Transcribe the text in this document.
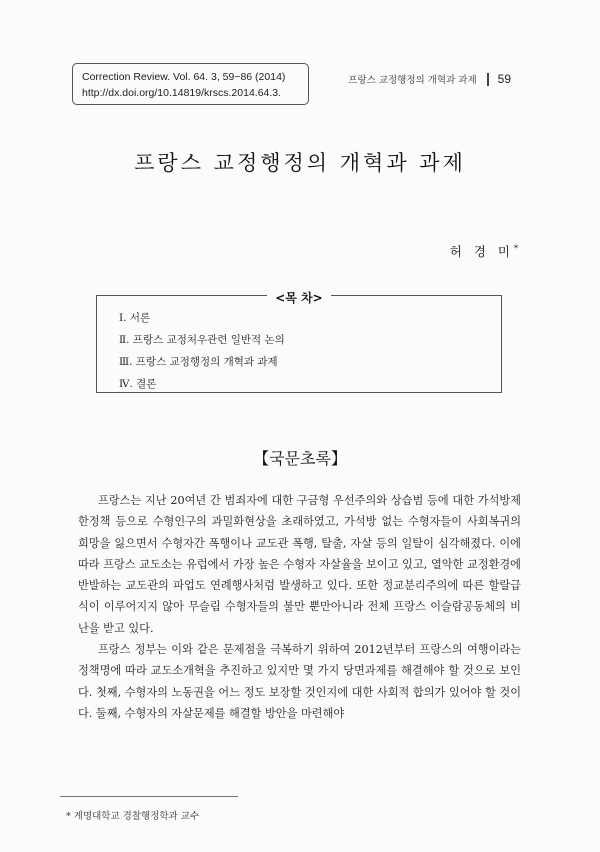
Correction Review. Vol. 64. 3, 59~86 (2014)
http://dx.doi.org/10.14819/krscs.2014.64.3.
프랑스 교정행정의 개혁과 과제 59
프랑스 교정행정의 개혁과 과제
허 경 미*
<목 차>
Ⅰ. 서론
Ⅱ. 프랑스 교정처우관련 일반적 논의
Ⅲ. 프랑스 교정행정의 개혁과 과제
Ⅳ. 결론
【국문초록】

프랑스는 지난 20여년 간 범죄자에 대한 구금형 우선주의와 상습범 등에 대한 가석방제한정책 등으로 수형인구의 과밀화현상을 초래하였고, 가석방 없는 수형자들이 사회복귀의 희망을 잃으면서 수형자간 폭행이나 교도관 폭행, 탈출, 자살 등의 일탈이 심각해졌다. 이에 따라 프랑스 교도소는 유럽에서 가장 높은 수형자 자살율을 보이고 있고, 열악한 교정환경에 반발하는 교도관의 파업도 연례행사처럼 발생하고 있다. 또한 정교분리주의에 따른 할랄급식이 이루어지지 않아 무슬림 수형자들의 불만 뿐만아니라 전체 프랑스 이슬람공동체의 비난을 받고 있다.

프랑스 정부는 이와 같은 문제점을 극복하기 위하여 2012년부터 프랑스의 여행이라는 정책명에 따라 교도소개혁을 추진하고 있지만 몇 가지 당면과제를 해결해야 할 것으로 보인다. 첫째, 수형자의 노동권을 어느 정도 보장할 것인지에 대한 사회적 합의가 있어야 할 것이다. 둘째, 수형자의 자살문제를 해결할 방안을 마련해야

* 계명대학교 경찰행정학과 교수
